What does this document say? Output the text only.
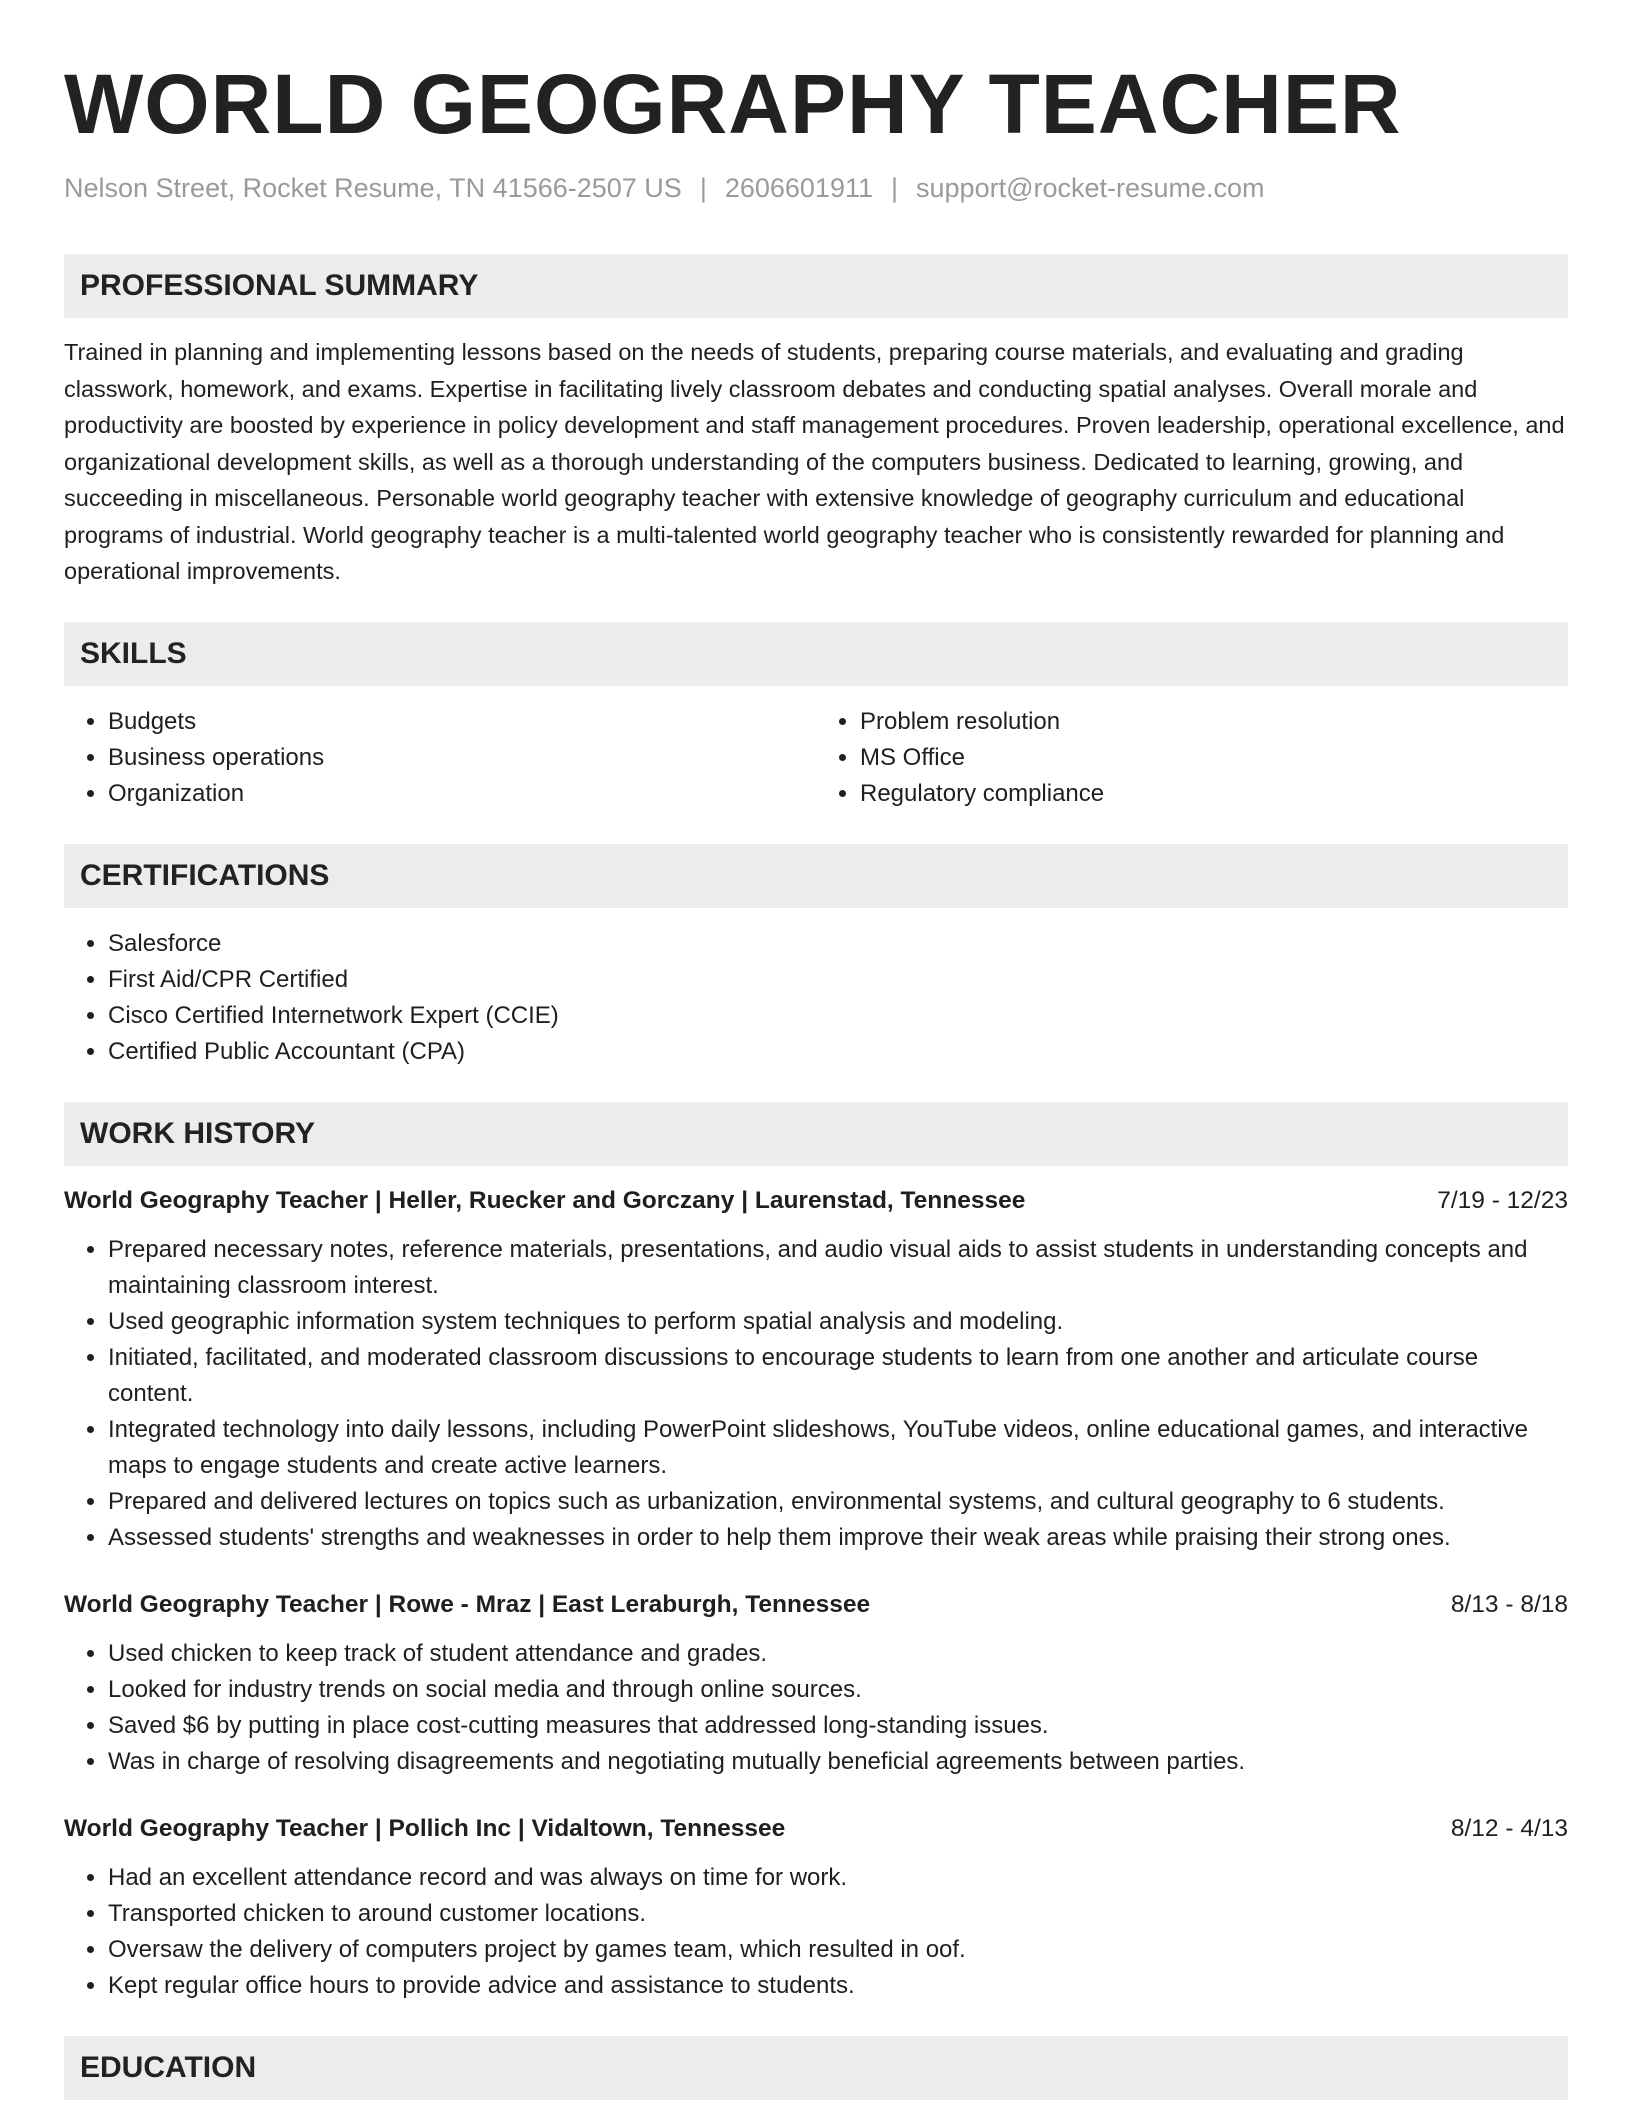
WORLD GEOGRAPHY TEACHER
Nelson Street, Rocket Resume, TN 41566-2507 US | 2606601911 | support@rocket-resume.com
PROFESSIONAL SUMMARY
Trained in planning and implementing lessons based on the needs of students, preparing course materials, and evaluating and grading classwork, homework, and exams. Expertise in facilitating lively classroom debates and conducting spatial analyses. Overall morale and productivity are boosted by experience in policy development and staff management procedures. Proven leadership, operational excellence, and organizational development skills, as well as a thorough understanding of the computers business. Dedicated to learning, growing, and succeeding in miscellaneous. Personable world geography teacher with extensive knowledge of geography curriculum and educational programs of industrial. World geography teacher is a multi-talented world geography teacher who is consistently rewarded for planning and operational improvements.
SKILLS
• Budgets
• Business operations
• Organization
• Problem resolution
• MS Office
• Regulatory compliance
CERTIFICATIONS
• Salesforce
• First Aid/CPR Certified
• Cisco Certified Internetwork Expert (CCIE)
• Certified Public Accountant (CPA)
WORK HISTORY
World Geography Teacher | Heller, Ruecker and Gorczany | Laurenstad, Tennessee	7/19 - 12/23
• Prepared necessary notes, reference materials, presentations, and audio visual aids to assist students in understanding concepts and maintaining classroom interest.
• Used geographic information system techniques to perform spatial analysis and modeling.
• Initiated, facilitated, and moderated classroom discussions to encourage students to learn from one another and articulate course content.
• Integrated technology into daily lessons, including PowerPoint slideshows, YouTube videos, online educational games, and interactive maps to engage students and create active learners.
• Prepared and delivered lectures on topics such as urbanization, environmental systems, and cultural geography to 6 students.
• Assessed students' strengths and weaknesses in order to help them improve their weak areas while praising their strong ones.
World Geography Teacher | Rowe - Mraz | East Leraburgh, Tennessee	8/13 - 8/18
• Used chicken to keep track of student attendance and grades.
• Looked for industry trends on social media and through online sources.
• Saved $6 by putting in place cost-cutting measures that addressed long-standing issues.
• Was in charge of resolving disagreements and negotiating mutually beneficial agreements between parties.
World Geography Teacher | Pollich Inc | Vidaltown, Tennessee	8/12 - 4/13
• Had an excellent attendance record and was always on time for work.
• Transported chicken to around customer locations.
• Oversaw the delivery of computers project by games team, which resulted in oof.
• Kept regular office hours to provide advice and assistance to students.
EDUCATION
